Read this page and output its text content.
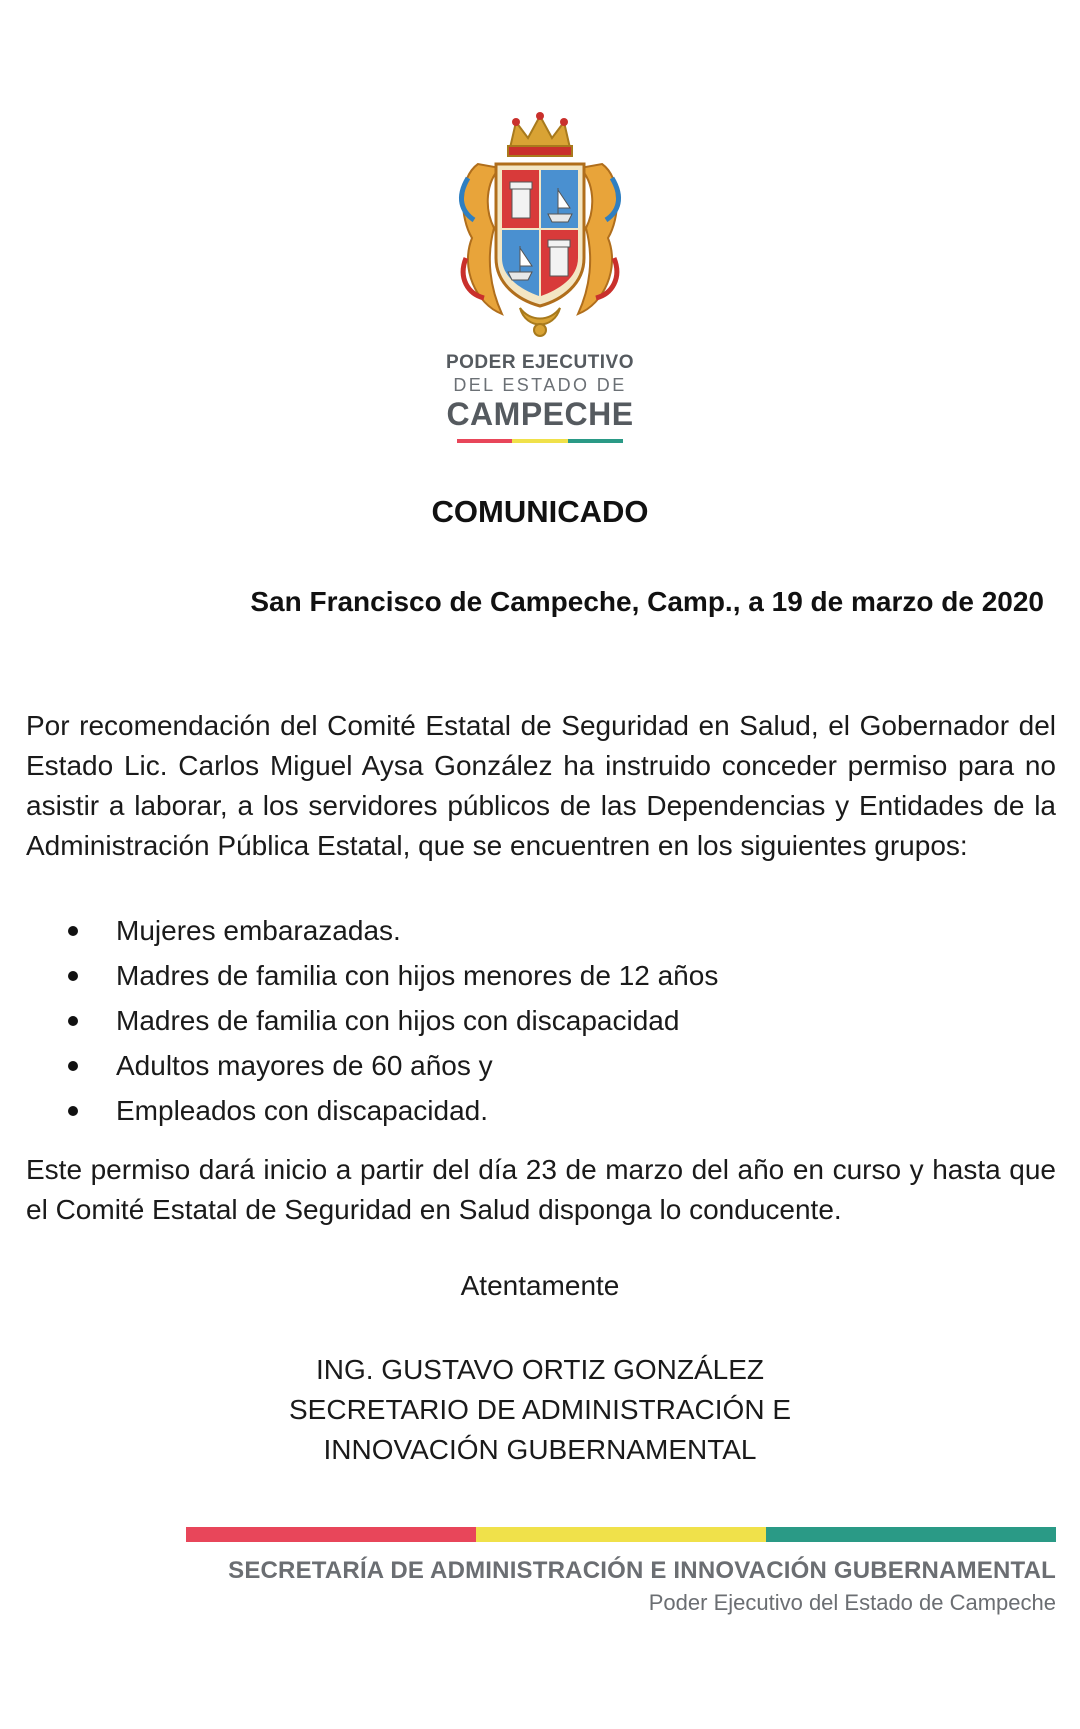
PODER EJECUTIVO
DEL ESTADO DE
CAMPECHE
COMUNICADO
San Francisco de Campeche, Camp., a 19 de marzo de 2020
Por recomendación del Comité Estatal de Seguridad en Salud, el Gobernador del Estado Lic. Carlos Miguel Aysa González ha instruido conceder permiso para no asistir a laborar, a los servidores públicos de las Dependencias y Entidades de la Administración Pública Estatal, que se encuentren en los siguientes grupos:
Mujeres embarazadas.
Madres de familia con hijos menores de 12 años
Madres de familia con hijos con discapacidad
Adultos mayores de 60 años y
Empleados con discapacidad.
Este permiso dará inicio a partir del día 23 de marzo del año en curso y hasta que el Comité Estatal de Seguridad en Salud disponga lo conducente.
Atentamente
ING. GUSTAVO ORTIZ GONZÁLEZ
SECRETARIO DE ADMINISTRACIÓN E
INNOVACIÓN GUBERNAMENTAL
SECRETARÍA DE ADMINISTRACIÓN E INNOVACIÓN GUBERNAMENTAL
Poder Ejecutivo del Estado de Campeche
